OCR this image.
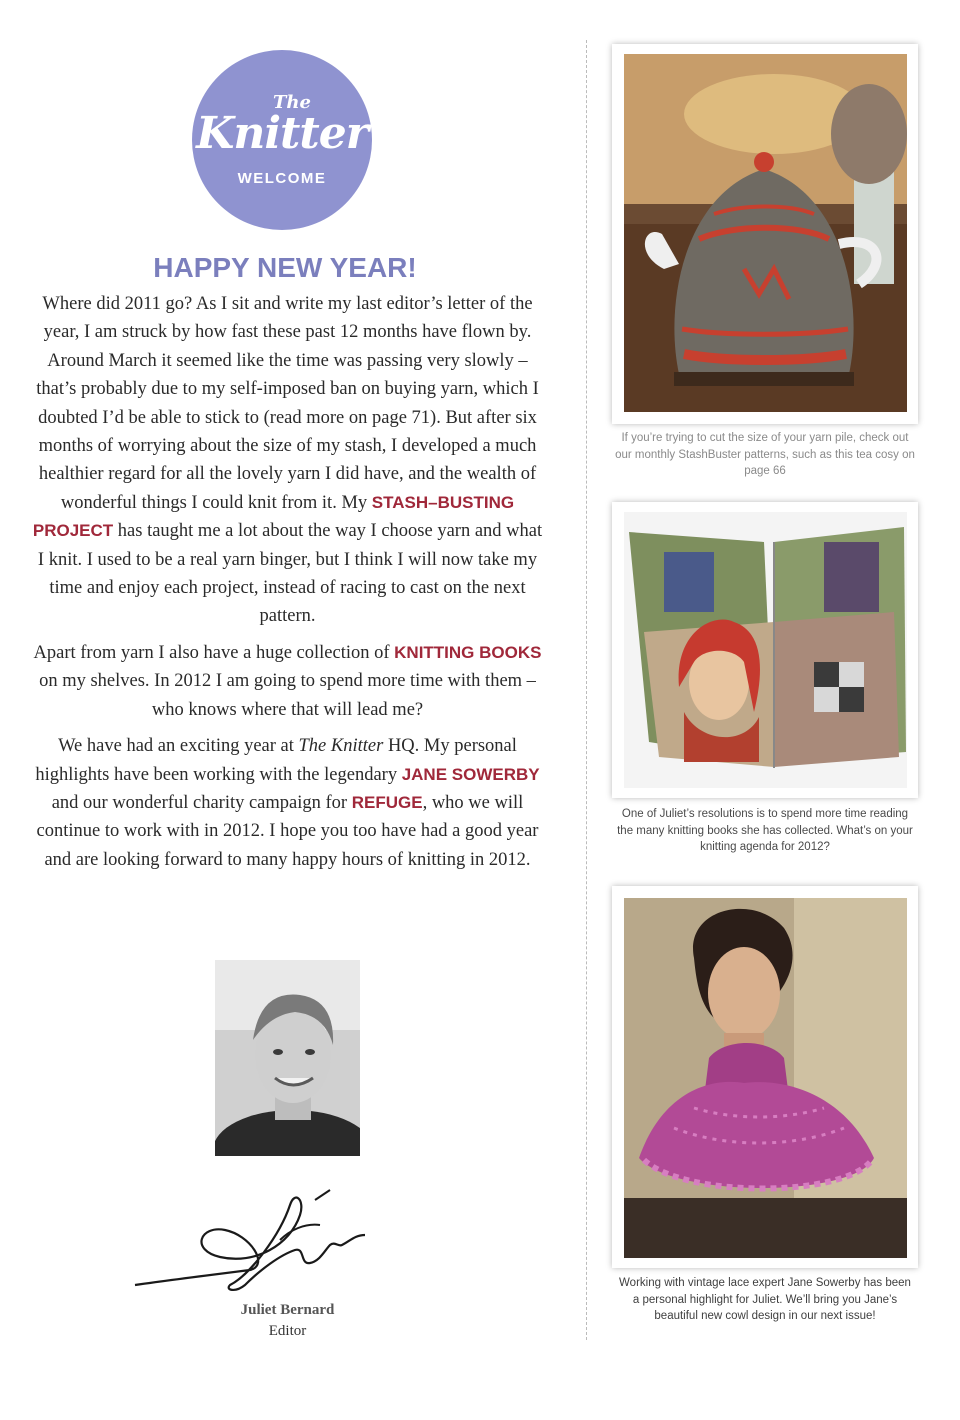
The
Knitter
WELCOME
HAPPY NEW YEAR!

Where did 2011 go? As I sit and write my last editor’s letter of the year, I am struck by how fast these past 12 months have flown by. Around March it seemed like the time was passing very slowly – that’s probably due to my self-imposed ban on buying yarn, which I doubted I’d be able to stick to (read more on page 71). But after six months of worrying about the size of my stash, I developed a much healthier regard for all the lovely yarn I did have, and the wealth of wonderful things I could knit from it. My STASH–BUSTING PROJECT has taught me a lot about the way I choose yarn and what I knit. I used to be a real yarn binger, but I think I will now take my time and enjoy each project, instead of racing to cast on the next pattern.

Apart from yarn I also have a huge collection of KNITTING BOOKS on my shelves. In 2012 I am going to spend more time with them – who knows where that will lead me?

We have had an exciting year at The Knitter HQ. My personal highlights have been working with the legendary JANE SOWERBY and our wonderful charity campaign for REFUGE, who we will continue to work with in 2012. I hope you too have had a good year and are looking forward to many happy hours of knitting in 2012.

Juliet Bernard
Editor
If you’re trying to cut the size of your yarn pile, check out our monthly StashBuster patterns, such as this tea cosy on page 66
One of Juliet’s resolutions is to spend more time reading the many knitting books she has collected. What’s on your knitting agenda for 2012?
Working with vintage lace expert Jane Sowerby has been a personal highlight for Juliet. We’ll bring you Jane’s beautiful new cowl design in our next issue!
